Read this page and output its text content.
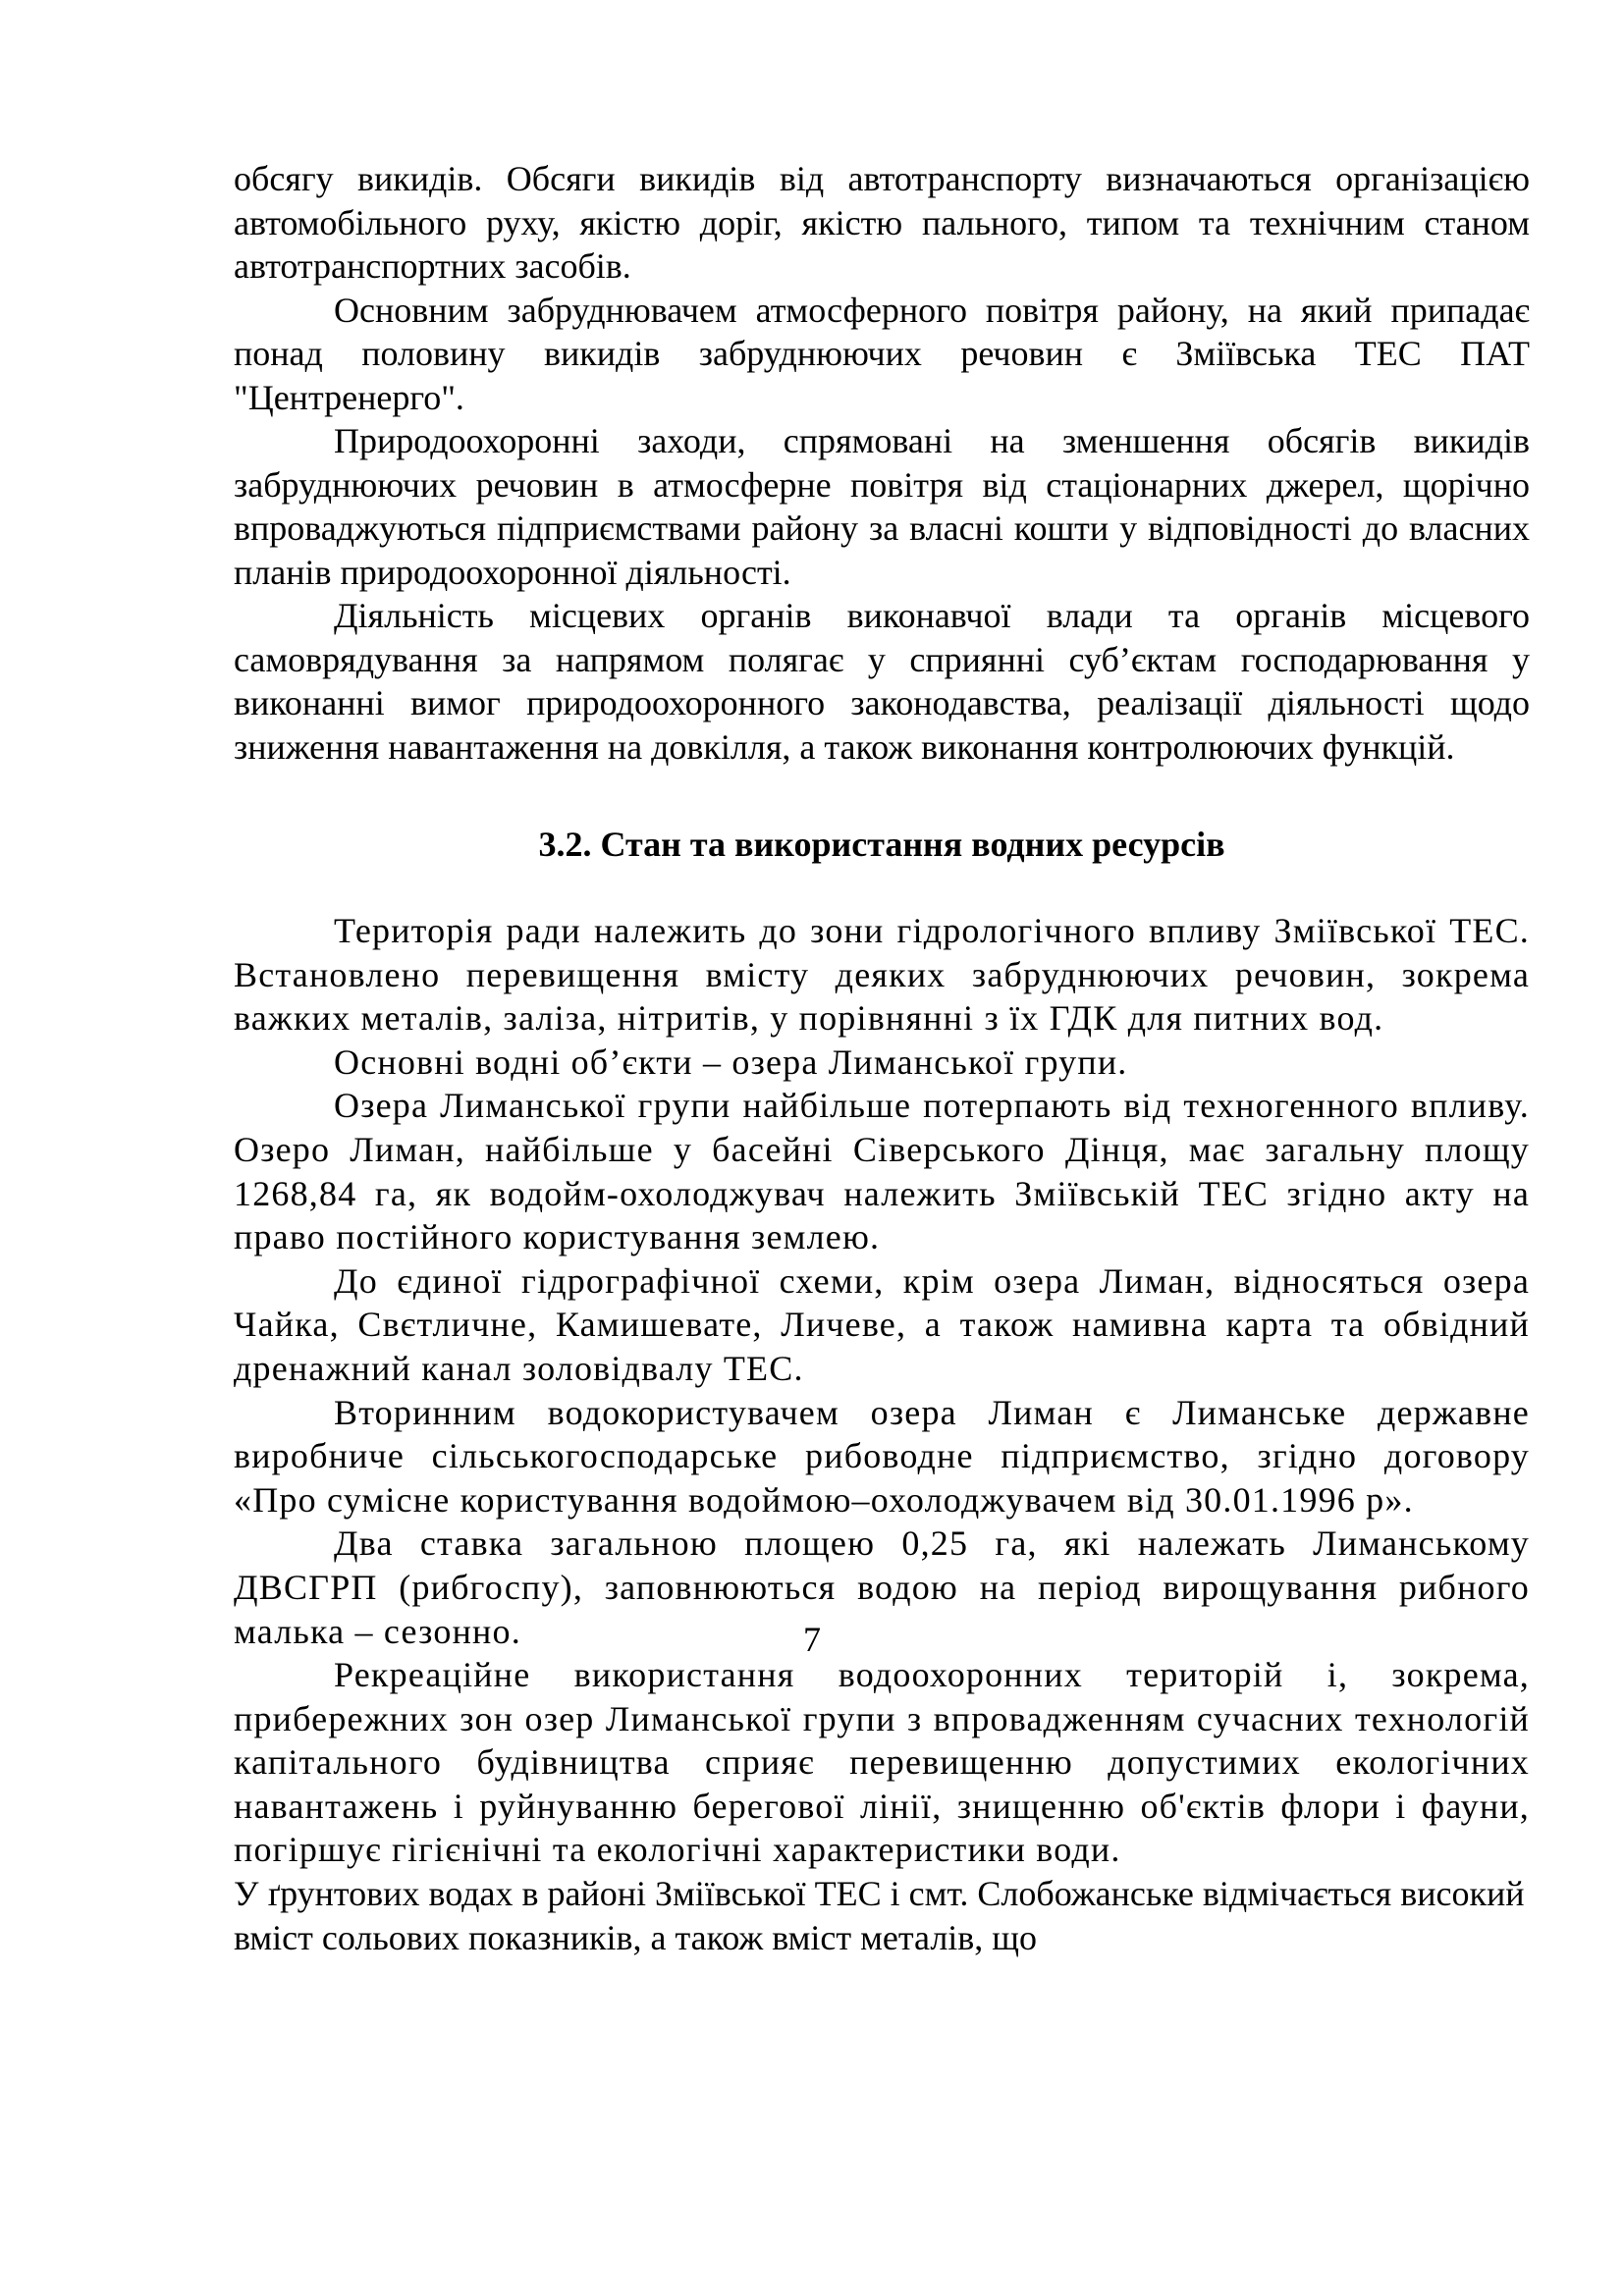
обсягу викидів. Обсяги викидів від автотранспорту визначаються організацією автомобільного руху, якістю доріг, якістю пального, типом та технічним станом автотранспортних засобів.

Основним забруднювачем атмосферного повітря району, на який припадає понад половину викидів забруднюючих речовин є Зміївська ТЕС ПАТ "Центренерго".

Природоохоронні заходи, спрямовані на зменшення обсягів викидів забруднюючих речовин в атмосферне повітря від стаціонарних джерел, щорічно впроваджуються підприємствами району за власні кошти у відповідності до власних планів природоохоронної діяльності.

Діяльність місцевих органів виконавчої влади та органів місцевого самоврядування за напрямом полягає у сприянні суб’єктам господарювання у виконанні вимог природоохоронного законодавства, реалізації діяльності щодо зниження навантаження на довкілля, а також виконання контролюючих функцій.

3.2. Стан та використання водних ресурсів

Територія ради належить до зони гідрологічного впливу Зміївської ТЕС. Встановлено перевищення вмісту деяких забруднюючих речовин, зокрема важких металів, заліза, нітритів, у порівнянні з їх ГДК для питних вод.

Основні водні об’єкти – озера Лиманської групи.

Озера Лиманської групи найбільше потерпають від техногенного впливу. Озеро Лиман, найбільше у басейні Сіверського Дінця, має загальну площу 1268,84 га, як водойм-охолоджувач належить Зміївській ТЕС згідно акту на право постійного користування землею.

До єдиної гідрографічної схеми, крім озера Лиман, відносяться озера Чайка, Свєтличне, Камишевате, Личеве, а також намивна карта та обвідний дренажний канал золовідвалу ТЕС.

Вторинним водокористувачем озера Лиман є Лиманське державне виробниче сільськогосподарське рибоводне підприємство, згідно договору «Про сумісне користування водоймою–охолоджувачем від 30.01.1996 р».

Два ставка загальною площею 0,25 га, які належать Лиманському ДВСГРП (рибгоспу), заповнюються водою на період вирощування рибного малька – сезонно.

Рекреаційне використання водоохоронних територій і, зокрема, прибережних зон озер Лиманської групи з впровадженням сучасних технологій капітального будівництва сприяє перевищенню допустимих екологічних навантажень і руйнуванню берегової лінії, знищенню об'єктів флори і фауни, погіршує гігієнічні та екологічні характеристики води.

У ґрунтових водах в районі Зміївської ТЕС і смт. Слобожанське відмічається високий вміст сольових показників, а також вміст металів, що

7
